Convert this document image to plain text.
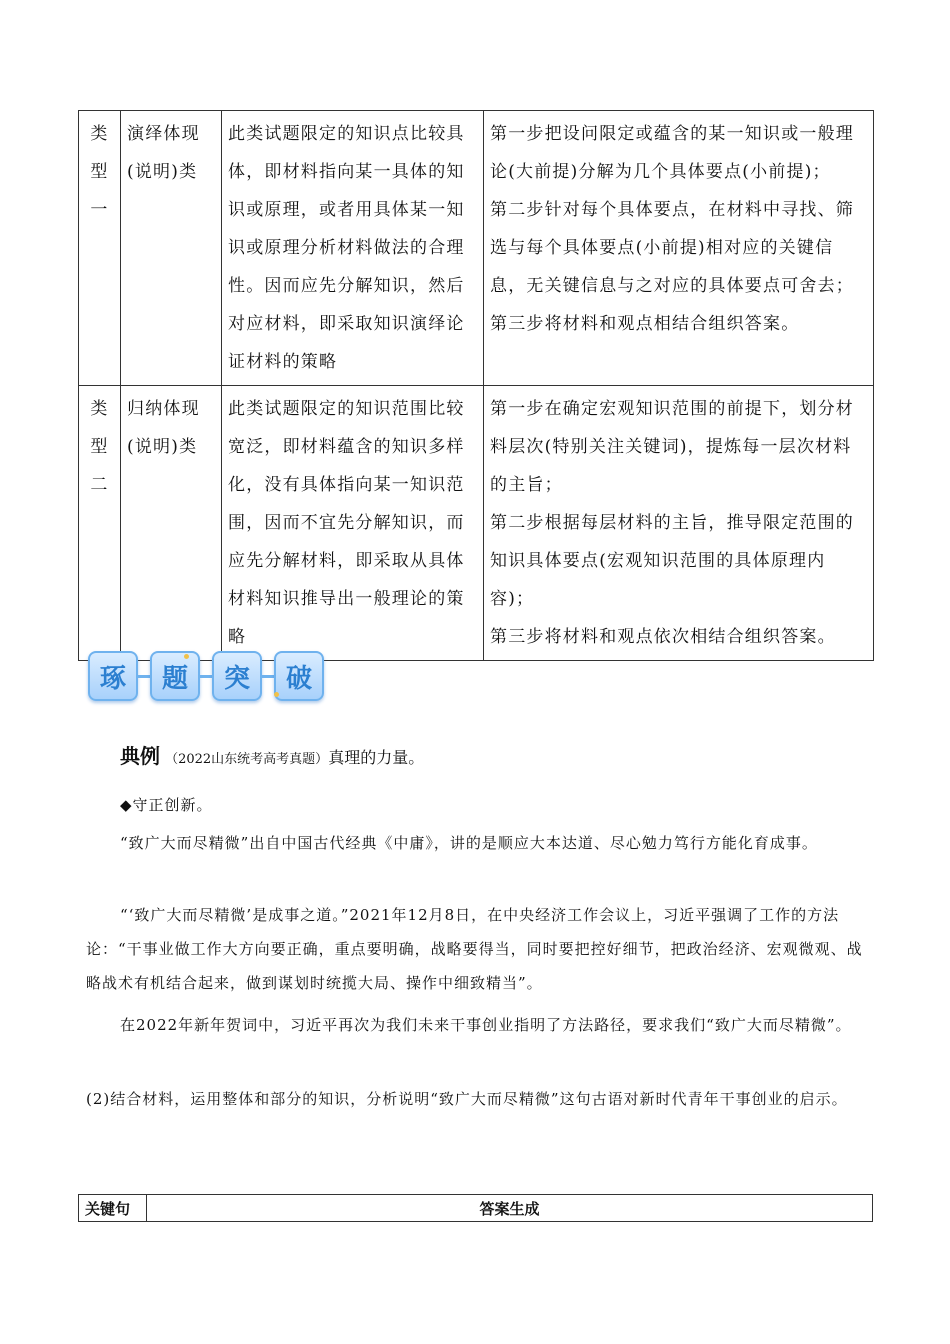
类
型
一	演绎体现(说明)类	此类试题限定的知识点比较具体，即材料指向某一具体的知识或原理，或者用具体某一知识或原理分析材料做法的合理性。因而应先分解知识，然后对应材料，即采取知识演绎论证材料的策略	第一步把设问限定或蕴含的某一知识或一般理论(大前提)分解为几个具体要点(小前提)；
第二步针对每个具体要点，在材料中寻找、筛选与每个具体要点(小前提)相对应的关键信息，无关键信息与之对应的具体要点可舍去；
第三步将材料和观点相结合组织答案。

类
型
二	归纳体现(说明)类	此类试题限定的知识范围比较宽泛，即材料蕴含的知识多样化，没有具体指向某一知识范围，因而不宜先分解知识，而应先分解材料，即采取从具体材料知识推导出一般理论的策略	第一步在确定宏观知识范围的前提下，划分材料层次(特别关注关键词)，提炼每一层次材料的主旨；
第二步根据每层材料的主旨，推导限定范围的知识具体要点(宏观知识范围的具体原理内容)；
第三步将材料和观点依次相结合组织答案。
琢	题	突	破
典例 （2022山东统考高考真题）真理的力量。

◆守正创新。

“致广大而尽精微”出自中国古代经典《中庸》，讲的是顺应大本达道、尽心勉力笃行方能化育成事。

“‘致广大而尽精微’是成事之道。”2021年12月8日，在中央经济工作会议上，习近平强调了工作的方法论：“干事业做工作大方向要正确，重点要明确，战略要得当，同时要把控好细节，把政治经济、宏观微观、战略战术有机结合起来，做到谋划时统揽大局、操作中细致精当”。

在2022年新年贺词中，习近平再次为我们未来干事创业指明了方法路径，要求我们“致广大而尽精微”。

(2)结合材料，运用整体和部分的知识，分析说明“致广大而尽精微”这句古语对新时代青年干事创业的启示。

关键句	答案生成
